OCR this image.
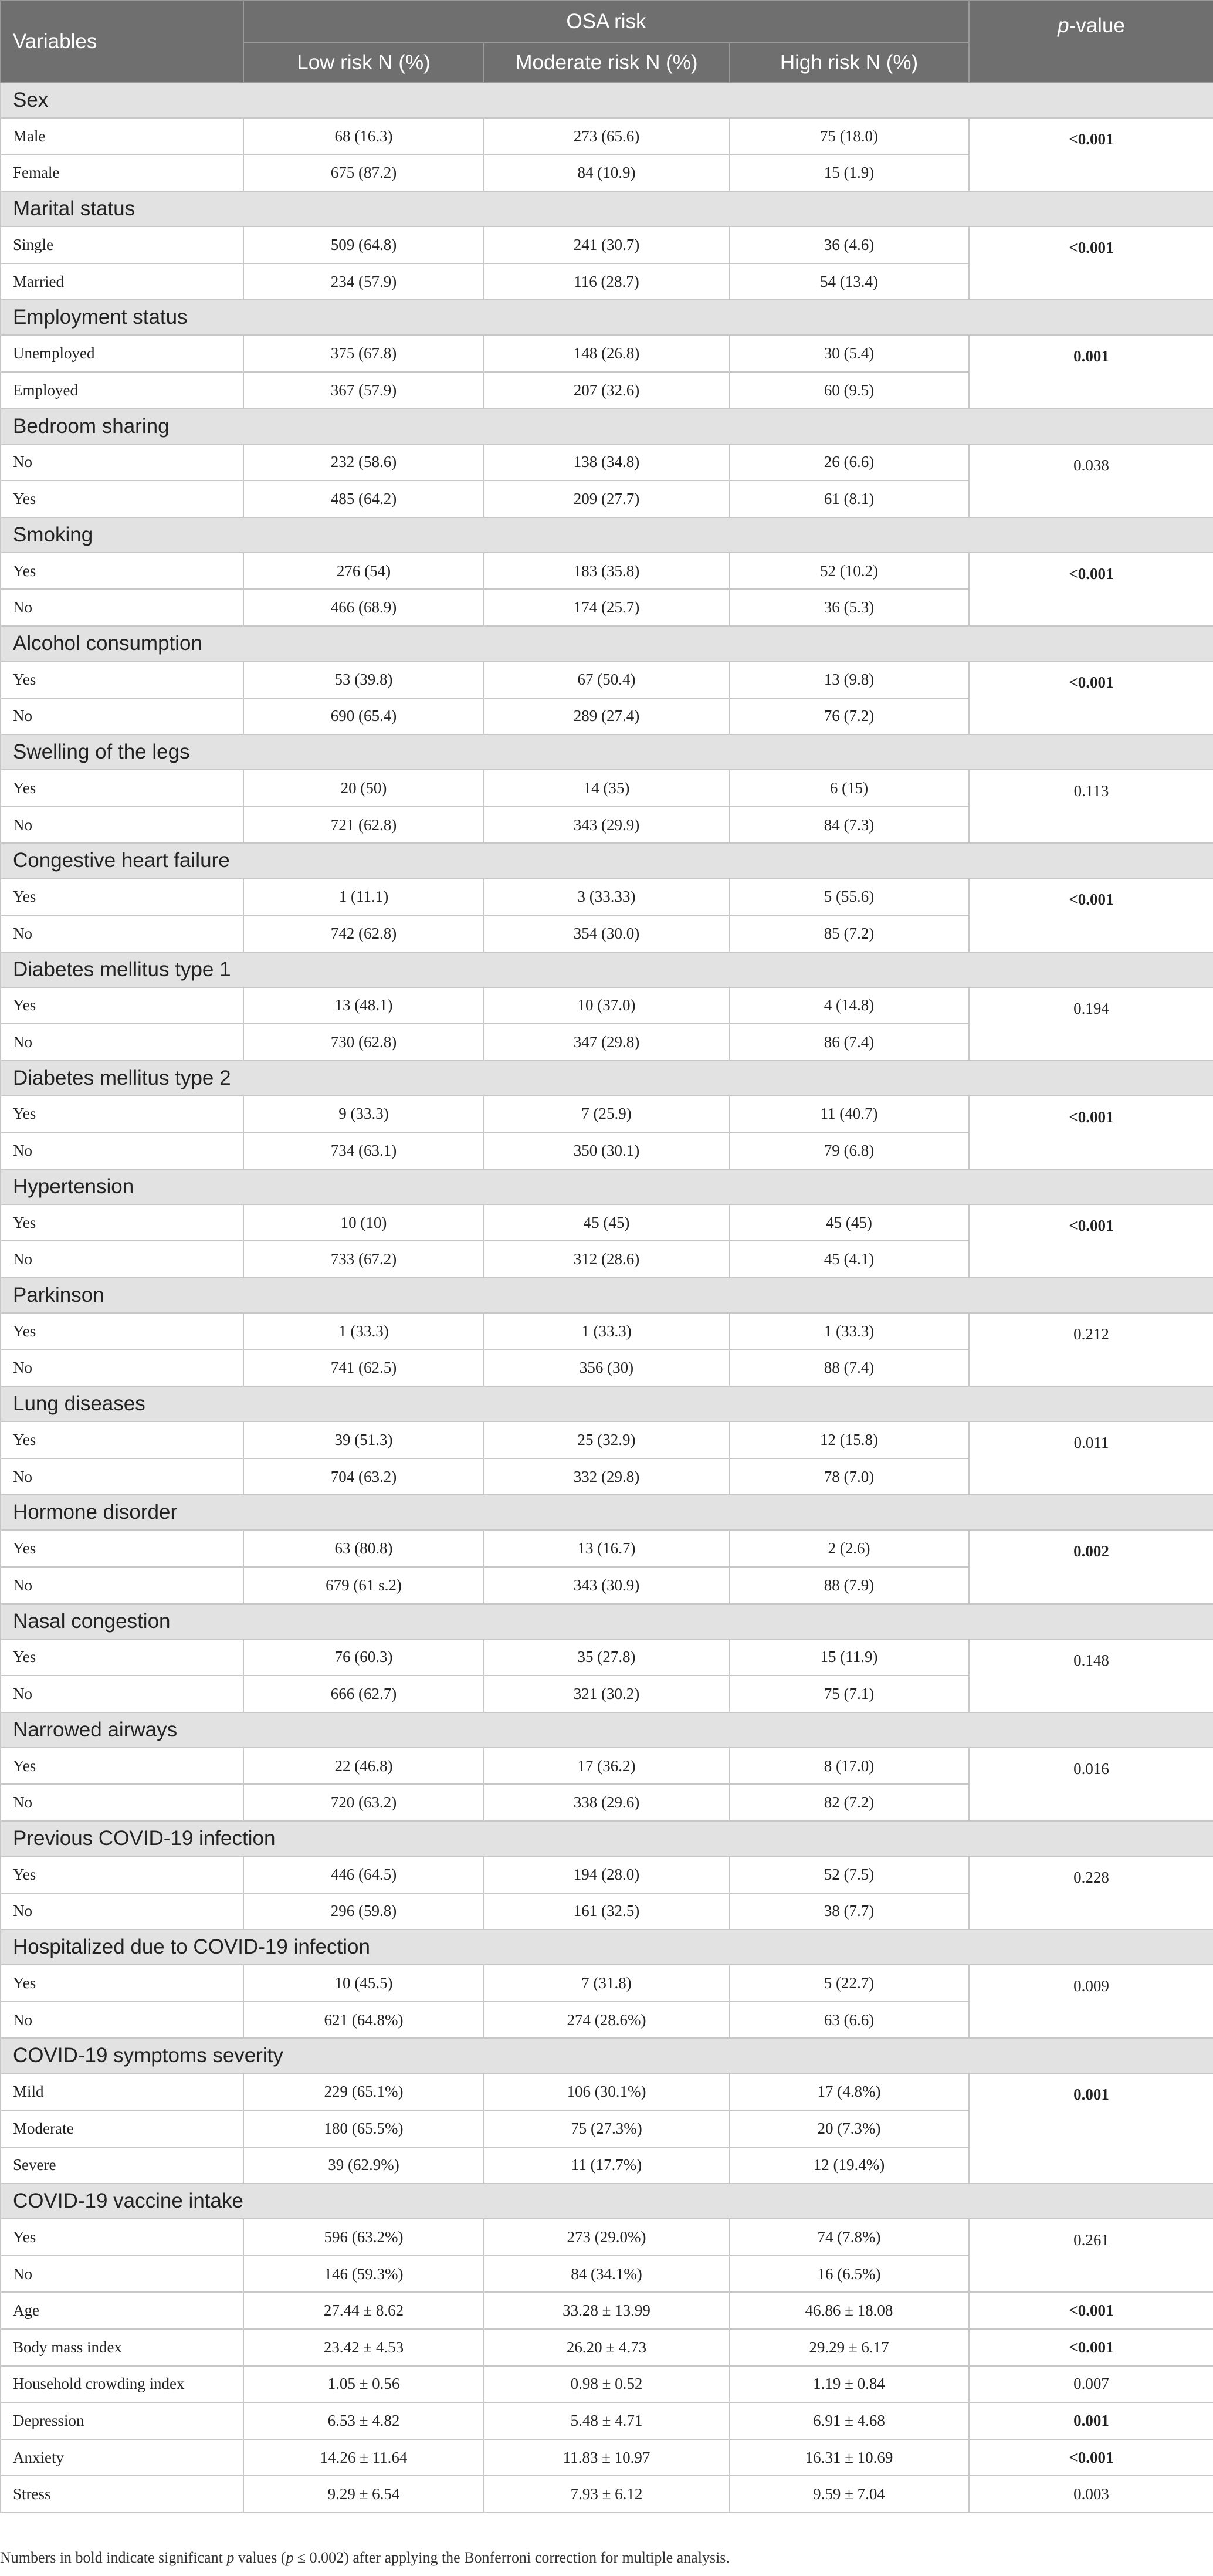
Variables	OSA risk			p-value
	Low risk N (%)	Moderate risk N (%)	High risk N (%)	
Sex				
Male	68 (16.3)	273 (65.6)	75 (18.0)	<0.001
Female	675 (87.2)	84 (10.9)	15 (1.9)	
Marital status				
Single	509 (64.8)	241 (30.7)	36 (4.6)	<0.001
Married	234 (57.9)	116 (28.7)	54 (13.4)	
Employment status				
Unemployed	375 (67.8)	148 (26.8)	30 (5.4)	0.001
Employed	367 (57.9)	207 (32.6)	60 (9.5)	
Bedroom sharing				
No	232 (58.6)	138 (34.8)	26 (6.6)	0.038
Yes	485 (64.2)	209 (27.7)	61 (8.1)	
Smoking				
Yes	276 (54)	183 (35.8)	52 (10.2)	<0.001
No	466 (68.9)	174 (25.7)	36 (5.3)	
Alcohol consumption				
Yes	53 (39.8)	67 (50.4)	13 (9.8)	<0.001
No	690 (65.4)	289 (27.4)	76 (7.2)	
Swelling of the legs				
Yes	20 (50)	14 (35)	6 (15)	0.113
No	721 (62.8)	343 (29.9)	84 (7.3)	
Congestive heart failure				
Yes	1 (11.1)	3 (33.33)	5 (55.6)	<0.001
No	742 (62.8)	354 (30.0)	85 (7.2)	
Diabetes mellitus type 1				
Yes	13 (48.1)	10 (37.0)	4 (14.8)	0.194
No	730 (62.8)	347 (29.8)	86 (7.4)	
Diabetes mellitus type 2				
Yes	9 (33.3)	7 (25.9)	11 (40.7)	<0.001
No	734 (63.1)	350 (30.1)	79 (6.8)	
Hypertension				
Yes	10 (10)	45 (45)	45 (45)	<0.001
No	733 (67.2)	312 (28.6)	45 (4.1)	
Parkinson				
Yes	1 (33.3)	1 (33.3)	1 (33.3)	0.212
No	741 (62.5)	356 (30)	88 (7.4)	
Lung diseases				
Yes	39 (51.3)	25 (32.9)	12 (15.8)	0.011
No	704 (63.2)	332 (29.8)	78 (7.0)	
Hormone disorder				
Yes	63 (80.8)	13 (16.7)	2 (2.6)	0.002
No	679 (61 s.2)	343 (30.9)	88 (7.9)	
Nasal congestion				
Yes	76 (60.3)	35 (27.8)	15 (11.9)	0.148
No	666 (62.7)	321 (30.2)	75 (7.1)	
Narrowed airways				
Yes	22 (46.8)	17 (36.2)	8 (17.0)	0.016
No	720 (63.2)	338 (29.6)	82 (7.2)	
Previous COVID-19 infection				
Yes	446 (64.5)	194 (28.0)	52 (7.5)	0.228
No	296 (59.8)	161 (32.5)	38 (7.7)	
Hospitalized due to COVID-19 infection				
Yes	10 (45.5)	7 (31.8)	5 (22.7)	0.009
No	621 (64.8%)	274 (28.6%)	63 (6.6)	
COVID-19 symptoms severity				
Mild	229 (65.1%)	106 (30.1%)	17 (4.8%)	0.001
Moderate	180 (65.5%)	75 (27.3%)	20 (7.3%)	
Severe	39 (62.9%)	11 (17.7%)	12 (19.4%)	
COVID-19 vaccine intake				
Yes	596 (63.2%)	273 (29.0%)	74 (7.8%)	0.261
No	146 (59.3%)	84 (34.1%)	16 (6.5%)	
Age	27.44 ± 8.62	33.28 ± 13.99	46.86 ± 18.08	<0.001
Body mass index	23.42 ± 4.53	26.20 ± 4.73	29.29 ± 6.17	<0.001
Household crowding index	1.05 ± 0.56	0.98 ± 0.52	1.19 ± 0.84	0.007
Depression	6.53 ± 4.82	5.48 ± 4.71	6.91 ± 4.68	0.001
Anxiety	14.26 ± 11.64	11.83 ± 10.97	16.31 ± 10.69	<0.001
Stress	9.29 ± 6.54	7.93 ± 6.12	9.59 ± 7.04	0.003
Numbers in bold indicate significant p values (p ≤ 0.002) after applying the Bonferroni correction for multiple analysis.
